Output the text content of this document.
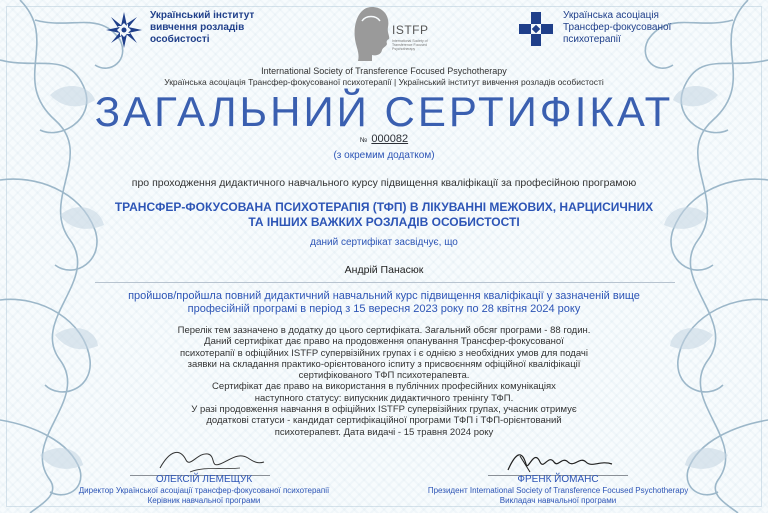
Український інститут
вивчення розладів
особистості
ISTFP
International Society of Transference Focused Psychotherapy
Українська асоціація
Трансфер-фокусованої
психотерапії
International Society of Transference Focused Psychotherapy
Українська асоціація Трансфер-фокусованої психотерапії | Український інститут вивчення розладів особистості
ЗАГАЛЬНИЙ СЕРТИФІКАТ
№ 000082
(з окремим додатком)
про проходження дидактичного навчального курсу підвищення кваліфікації за професійною програмою
ТРАНСФЕР-ФОКУСОВАНА ПСИХОТЕРАПІЯ (ТФП) В ЛІКУВАННІ МЕЖОВИХ, НАРЦИСИЧНИХ
ТА ІНШИХ ВАЖКИХ РОЗЛАДІВ ОСОБИСТОСТІ
даний сертифікат засвідчує, що
Андрій Панасюк
пройшов/пройшла повний дидактичний навчальний курс підвищення кваліфікації у зазначеній вище
професійній програмі в період з 15 вересня 2023 року по 28 квітня 2024 року
Перелік тем зазначено в додатку до цього сертифіката. Загальний обсяг програми - 88 годин.
Даний сертифікат дає право на продовження опанування Трансфер-фокусованої
психотерапії в офіційних ISTFP супервізійних групах і є однією з необхідних умов для подачі
заявки на складання практико-орієнтованого іспиту з присвоєнням офіційної кваліфікації
сертифікованого ТФП психотерапевта.
Сертифікат дає право на використання в публічних професійних комунікаціях
наступного статусу: випускник дидактичного тренінгу ТФП.
У разі продовження навчання в офіційних ISTFP супервізійних групах, учасник отримує
додаткові статуси - кандидат сертифікаційної програми ТФП і ТФП-орієнтований
психотерапевт. Дата видачі - 15 травня 2024 року
ОЛЕКСІЙ ЛЕМЕЩУК
Директор Української асоціації трансфер-фокусованої психотерапії
Керівник навчальної програми
ФРЕНК ЙОМАНС
Президент International Society of Transference Focused Psychotherapy
Викладач навчальної програми
